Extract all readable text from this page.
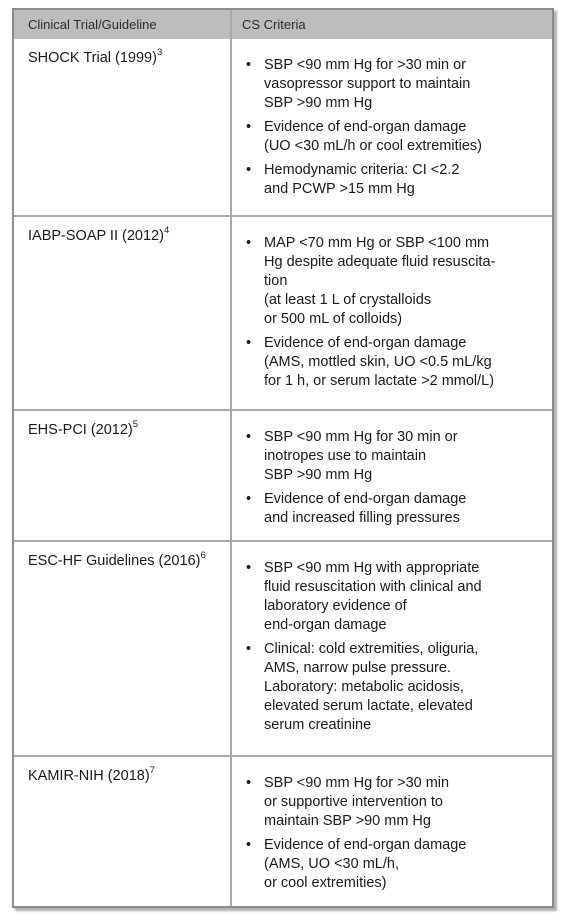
Clinical Trial/Guideline	CS Criteria
SHOCK Trial $(1999)^3$
• SBP <90 mm Hg for >30 min or
vasopressor support to maintain
SBP >90 mm Hg
• Evidence of end-organ damage
(UO <30 mL/h or cool extremities)
• Hemodynamic criteria: CI <2.2
and PCWP >15 mm Hg
IABP-SOAP II $(2012)^4$
• MAP <70 mm Hg or SBP <100 mm
Hg despite adequate fluid resuscita-
tion
(at least 1 L of crystalloids
or 500 mL of colloids)
• Evidence of end-organ damage
(AMS, mottled skin, UO <0.5 mL/kg
for 1 h, or serum lactate >2 mmol/L)
EHS-PCI $(2012)^5$
• SBP <90 mm Hg for 30 min or
inotropes use to maintain
SBP >90 mm Hg
• Evidence of end-organ damage
and increased filling pressures
ESC-HF Guidelines $(2016)^6$
• SBP <90 mm Hg with appropriate
fluid resuscitation with clinical and
laboratory evidence of
end-organ damage
• Clinical: cold extremities, oliguria,
AMS, narrow pulse pressure.
Laboratory: metabolic acidosis,
elevated serum lactate, elevated
serum creatinine
KAMIR-NIH $(2018)^7$
• SBP <90 mm Hg for >30 min
or supportive intervention to
maintain SBP >90 mm Hg
• Evidence of end-organ damage
(AMS, UO <30 mL/h,
or cool extremities)
